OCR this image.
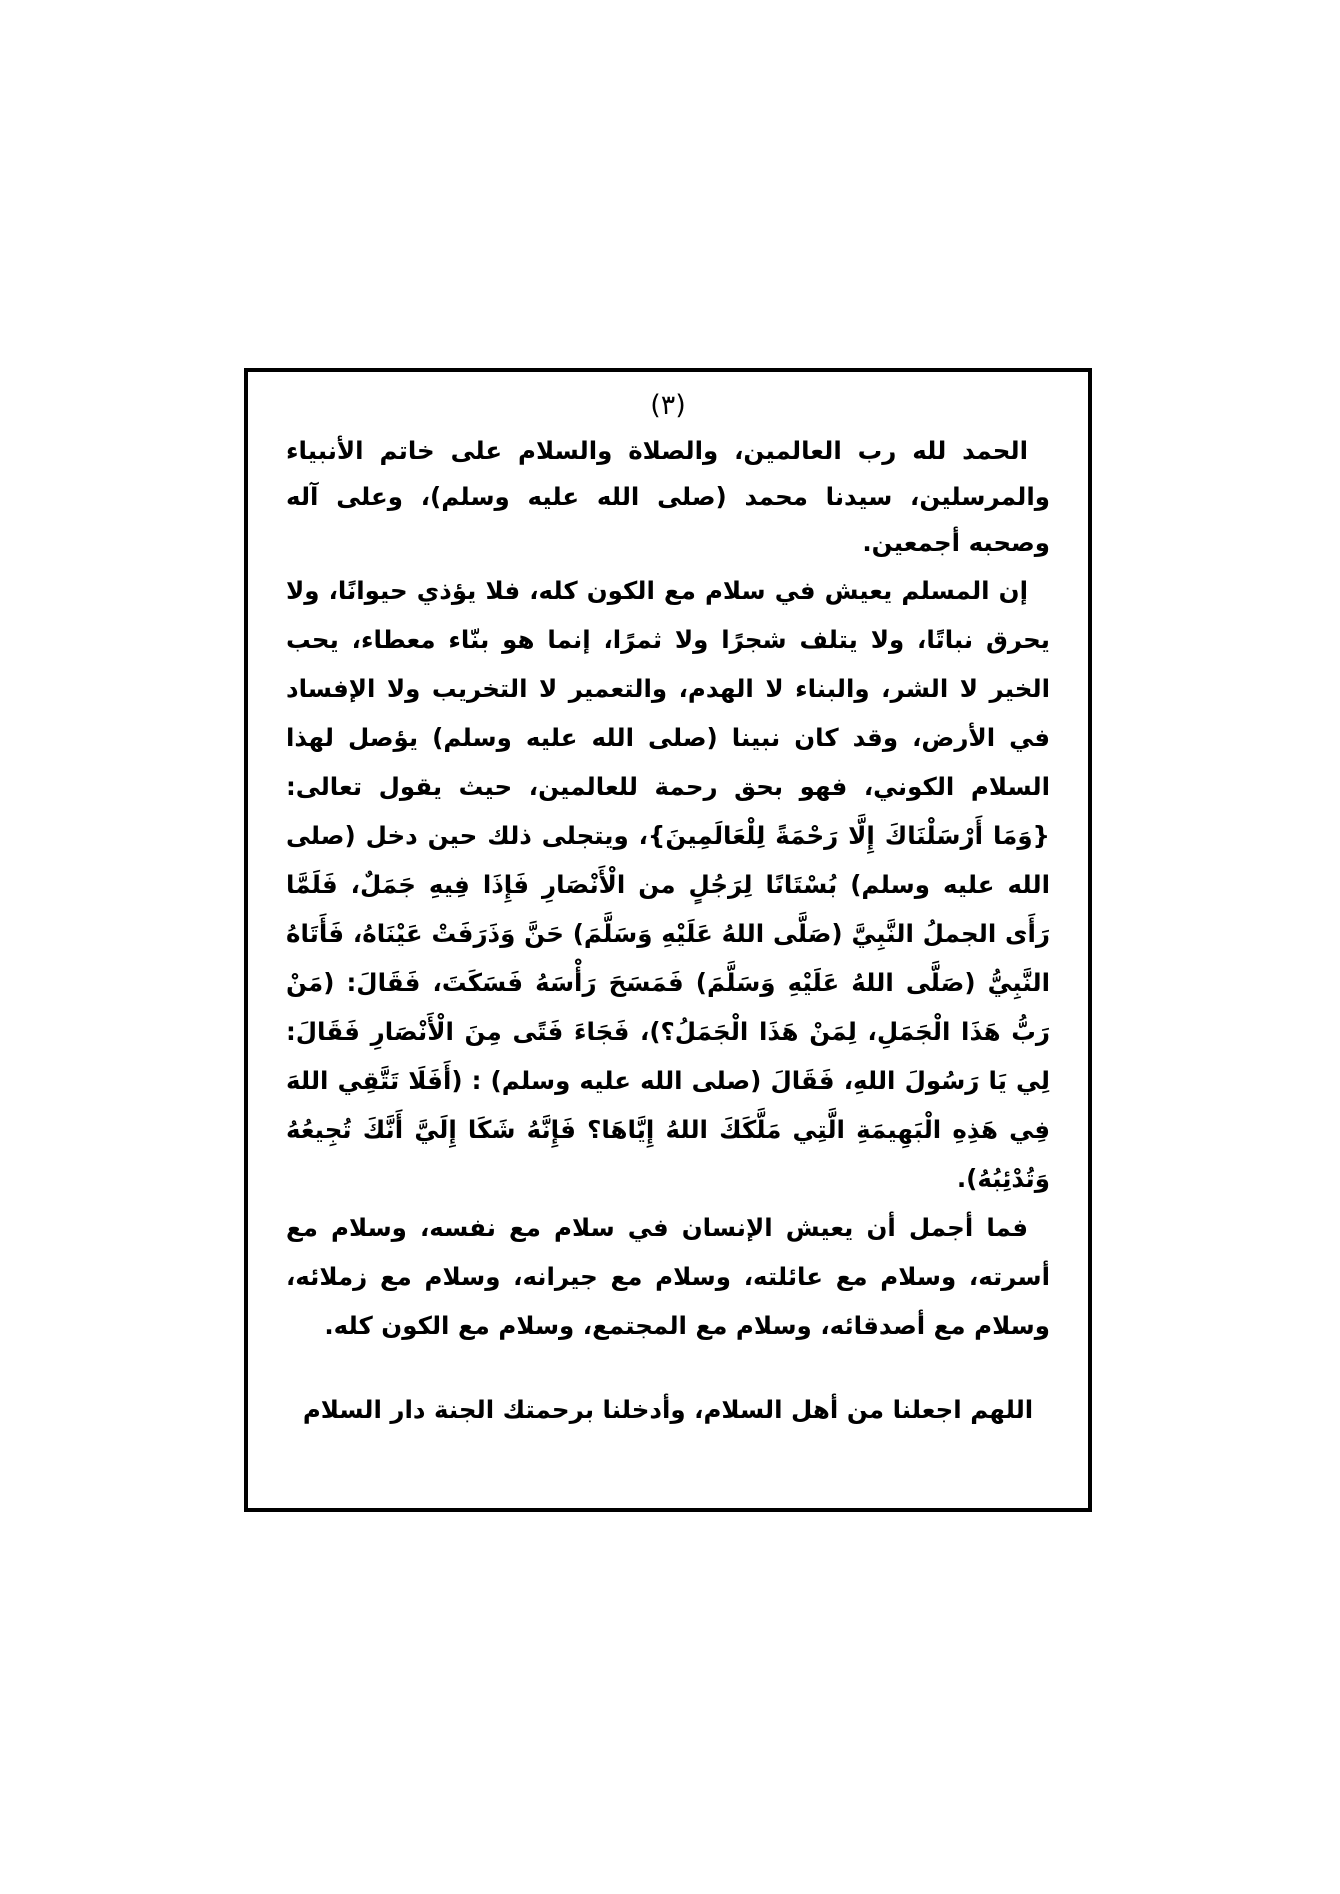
(٣)

الحمد لله رب العالمين، والصلاة والسلام على خاتم الأنبياء والمرسلين، سيدنا محمد (صلى الله عليه وسلم)، وعلى آله وصحبه أجمعين.

إن المسلم يعيش في سلام مع الكون كله، فلا يؤذي حيوانًا، ولا يحرق نباتًا، ولا يتلف شجرًا ولا ثمرًا، إنما هو بنّاء معطاء، يحب الخير لا الشر، والبناء لا الهدم، والتعمير لا التخريب ولا الإفساد في الأرض، وقد كان نبينا (صلى الله عليه وسلم) يؤصل لهذا السلام الكوني، فهو بحق رحمة للعالمين، حيث يقول تعالى: {وَمَا أَرْسَلْنَاكَ إِلَّا رَحْمَةً لِلْعَالَمِينَ}، ويتجلى ذلك حين دخل (صلى الله عليه وسلم) بُسْتَانًا لِرَجُلٍ من الْأَنْصَارِ فَإِذَا فِيهِ جَمَلٌ، فَلَمَّا رَأَى الجملُ النَّبِيَّ (صَلَّى اللهُ عَلَيْهِ وَسَلَّمَ) حَنَّ وَذَرَفَتْ عَيْنَاهُ، فَأَتَاهُ النَّبِيُّ (صَلَّى اللهُ عَلَيْهِ وَسَلَّمَ) فَمَسَحَ رَأْسَهُ فَسَكَتَ، فَقَالَ: (مَنْ رَبُّ هَذَا الْجَمَلِ، لِمَنْ هَذَا الْجَمَلُ؟)، فَجَاءَ فَتًى مِنَ الْأَنْصَارِ فَقَالَ: لِي يَا رَسُولَ اللهِ، فَقَالَ (صلى الله عليه وسلم) : (أَفَلَا تَتَّقِي اللهَ فِي هَذِهِ الْبَهِيمَةِ الَّتِي مَلَّكَكَ اللهُ إِيَّاهَا؟ فَإِنَّهُ شَكَا إِلَيَّ أَنَّكَ تُجِيعُهُ وَتُدْئِبُهُ).

فما أجمل أن يعيش الإنسان في سلام مع نفسه، وسلام مع أسرته، وسلام مع عائلته، وسلام مع جيرانه، وسلام مع زملائه، وسلام مع أصدقائه، وسلام مع المجتمع، وسلام مع الكون كله.

اللهم اجعلنا من أهل السلام، وأدخلنا برحمتك الجنة دار السلام
